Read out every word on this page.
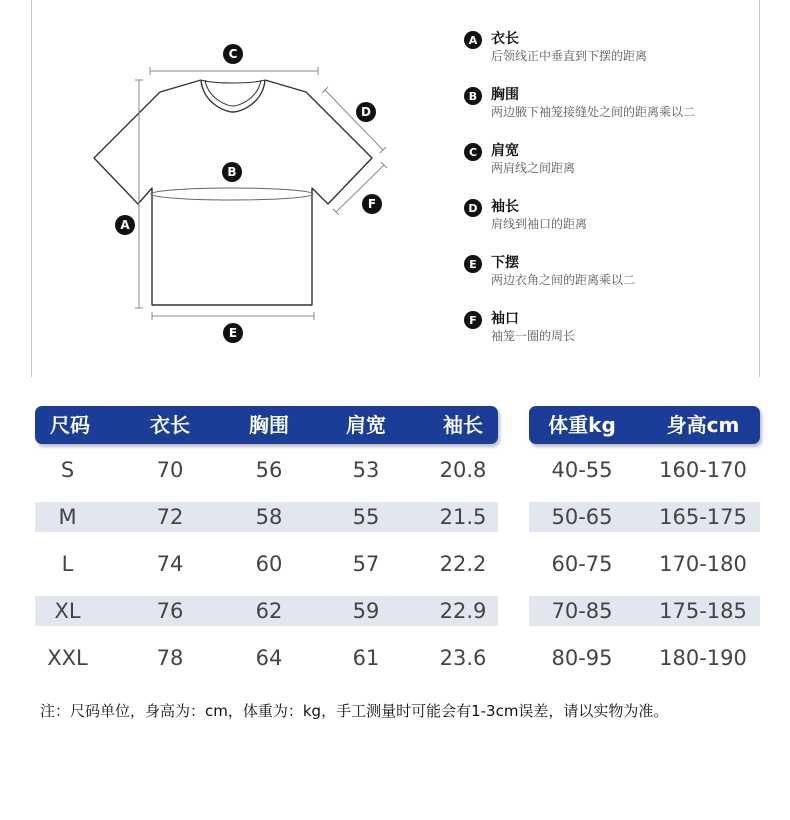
C
B
A
D
F
E
A 衣长
后领线正中垂直到下摆的距离
B 胸围
两边腋下袖笼接缝处之间的距离乘以二
C 肩宽
两肩线之间距离
D 袖长
肩线到袖口的距离
E	下摆
两边衣角之间的距离乘以二
F	袖口
袖笼一圈的周长
尺码	衣长	胸围	肩宽	袖长	体重kg	身高cm
S	70	56	53	20.8	40-55	160-170
M	72	58	55	21.5	50-65	165-175
L	74	60	57	22.2	60-75	170-180
XL	76	62	59	22.9	70-85	175-185
XXL	78	64	61	23.6	80-95	180-190
注：尺码单位，身高为：cm，体重为：kg，手工测量时可能会有1-3cm误差，请以实物为准。
